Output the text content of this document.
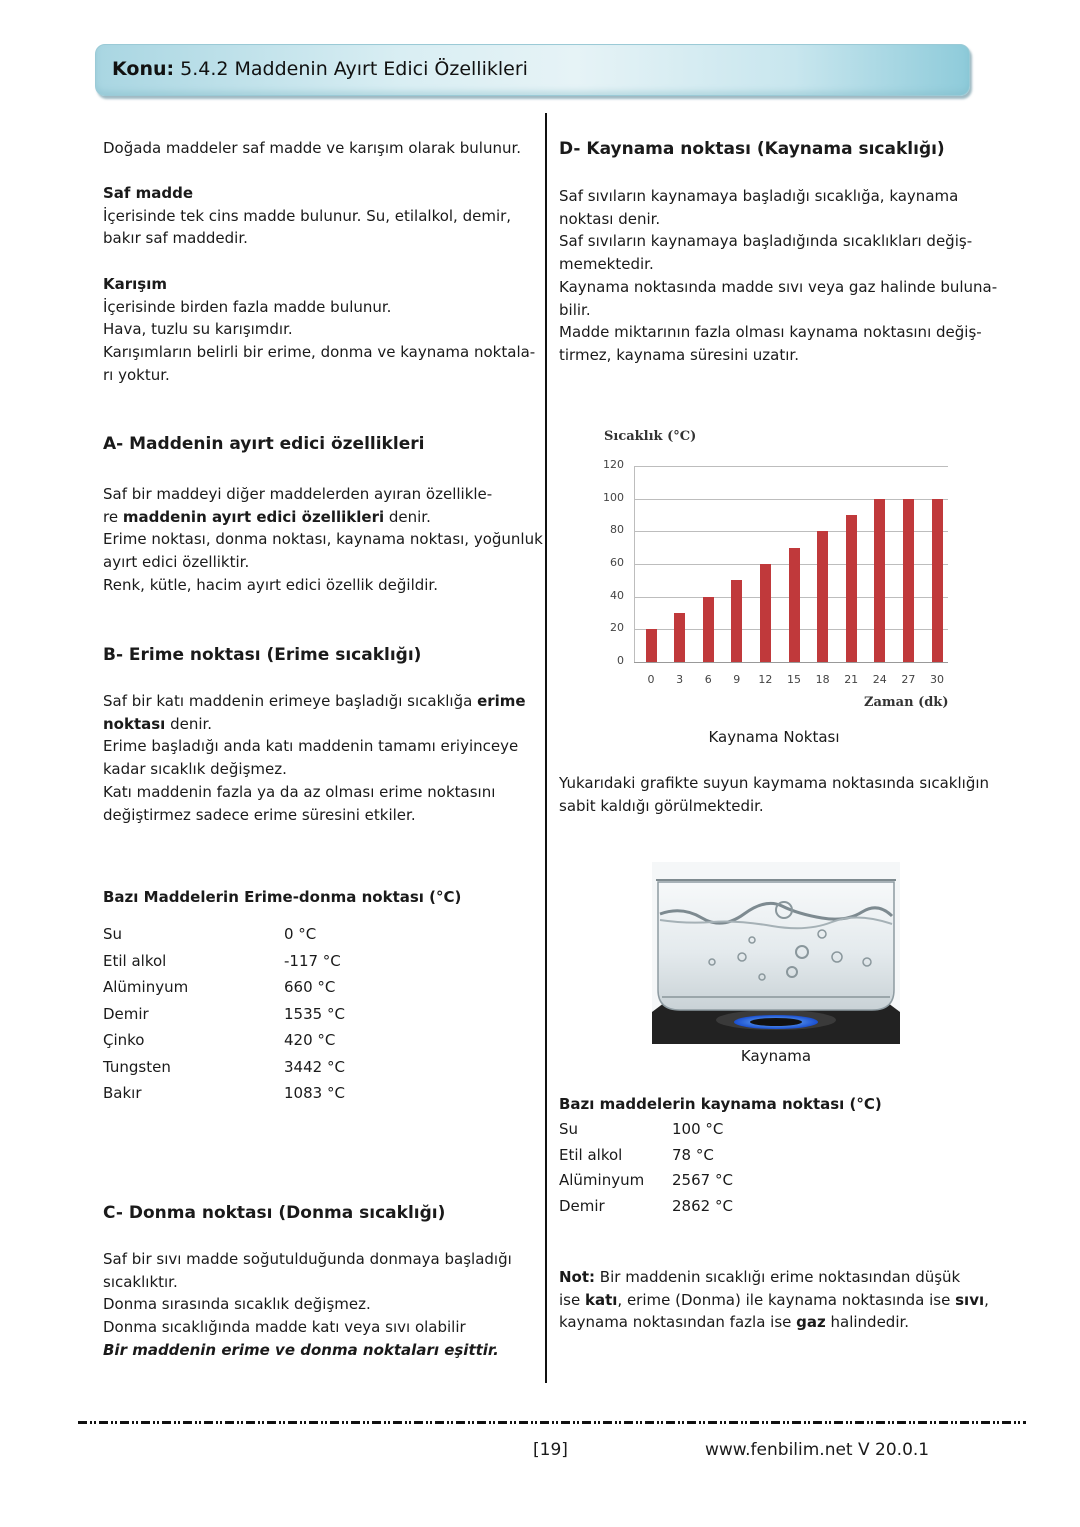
Konu: 5.4.2 Maddenin Ayırt Edici Özellikleri
Doğada maddeler saf madde ve karışım olarak bulunur.
Saf madde
İçerisinde tek cins madde bulunur. Su, etilalkol, demir,
bakır saf maddedir.
Karışım
İçerisinde birden fazla madde bulunur.
Hava, tuzlu su karışımdır.
Karışımların belirli bir erime, donma ve kaynama noktala-
rı yoktur.
A- Maddenin ayırt edici özellikleri
Saf bir maddeyi diğer maddelerden ayıran özellikle-
re maddenin ayırt edici özellikleri denir.
Erime noktası, donma noktası, kaynama noktası, yoğunluk
ayırt edici özelliktir.
Renk, kütle, hacim ayırt edici özellik değildir.
B- Erime noktası (Erime sıcaklığı)
Saf bir katı maddenin erimeye başladığı sıcaklığa erime
noktası denir.
Erime başladığı anda katı maddenin tamamı eriyinceye
kadar sıcaklık değişmez.
Katı maddenin fazla ya da az olması erime noktasını
değiştirmez sadece erime süresini etkiler.
Bazı Maddelerin Erime-donma noktası (°C)
Su	0 °C
Etil alkol	-117 °C
Alüminyum	660 °C
Demir	1535 °C
Çinko	420 °C
Tungsten	3442 °C
Bakır	1083 °C
C- Donma noktası (Donma sıcaklığı)
Saf bir sıvı madde soğutulduğunda donmaya başladığı
sıcaklıktır.
Donma sırasında sıcaklık değişmez.
Donma sıcaklığında madde katı veya sıvı olabilir
Bir maddenin erime ve donma noktaları eşittir.
D- Kaynama noktası (Kaynama sıcaklığı)
Saf sıvıların kaynamaya başladığı sıcaklığa, kaynama
noktası denir.
Saf sıvıların kaynamaya başladığında sıcaklıkları değiş-
memektedir.
Kaynama noktasında madde sıvı veya gaz halinde buluna-
bilir.
Madde miktarının fazla olması kaynama noktasını değiş-
tirmez, kaynama süresini uzatır.
Sıcaklık (°C)
120
100
80
60
40
20
0
0	3	6	9	12	15	18	21	24	27	30
Zaman (dk)
Kaynama Noktası
Yukarıdaki grafikte suyun kaymama noktasında sıcaklığın
sabit kaldığı görülmektedir.
Kaynama
Bazı maddelerin kaynama noktası (°C)
Su	100 °C
Etil alkol	78 °C
Alüminyum 2567 °C
Demir	2862 °C
Not: Bir maddenin sıcaklığı erime noktasından düşük
ise katı, erime (Donma) ile kaynama noktasında ise sıvı,
kaynama noktasından fazla ise gaz halindedir.
[19]	www.fenbilim.net V 20.0.1
